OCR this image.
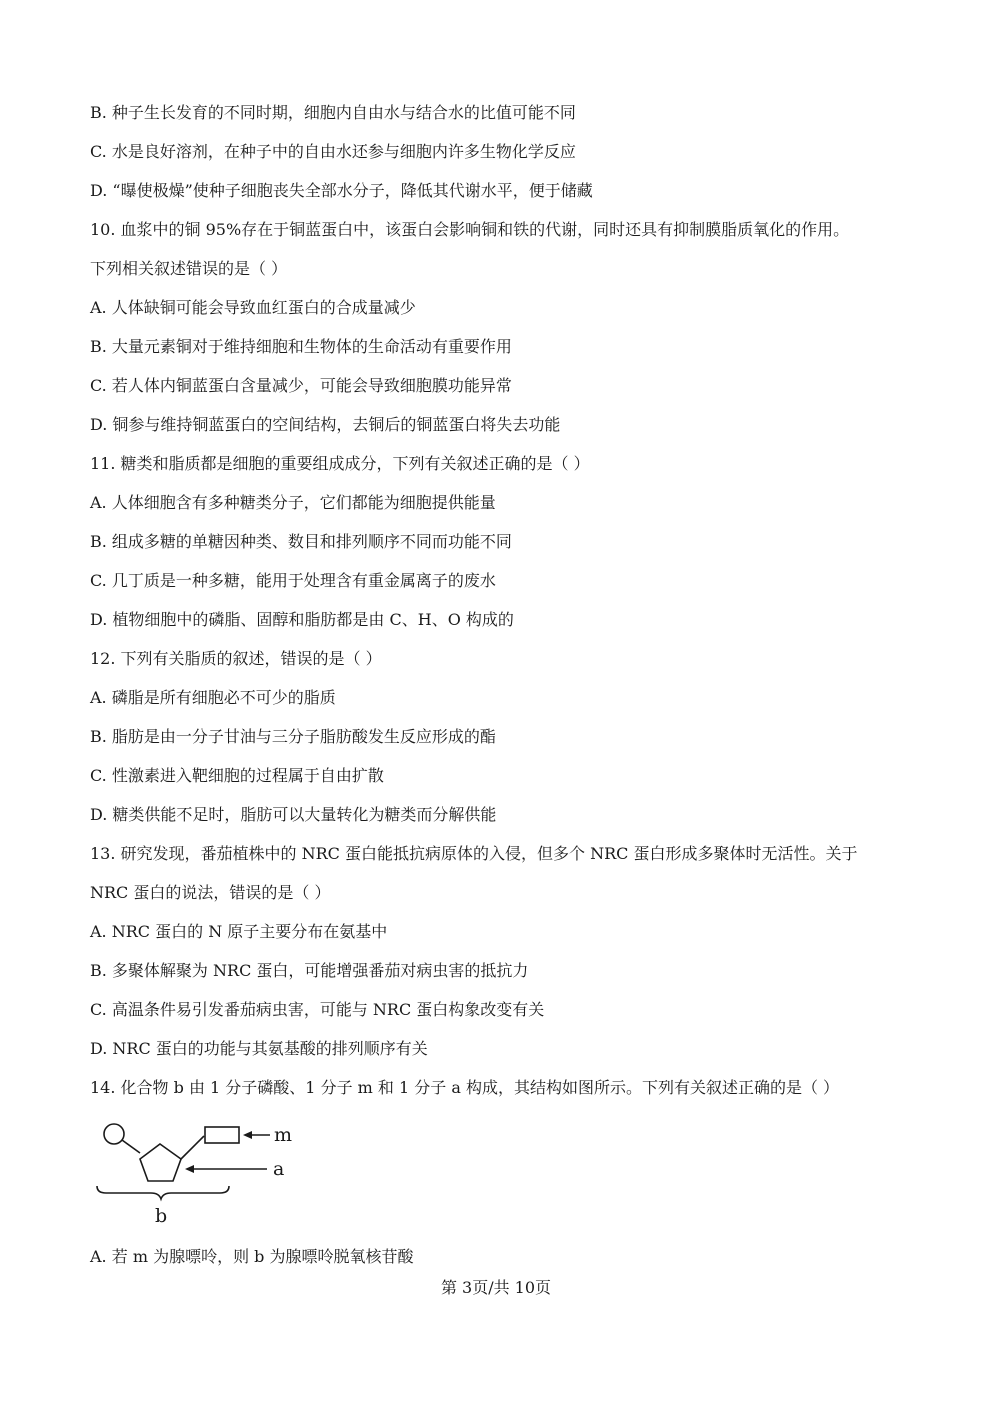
B. 种子生长发育的不同时期，细胞内自由水与结合水的比值可能不同
C. 水是良好溶剂，在种子中的自由水还参与细胞内许多生物化学反应
D. “曝使极燥”使种子细胞丧失全部水分子，降低其代谢水平，便于储藏
10. 血浆中的铜 95%存在于铜蓝蛋白中，该蛋白会影响铜和铁的代谢，同时还具有抑制膜脂质氧化的作用。
下列相关叙述错误的是（ ）
A. 人体缺铜可能会导致血红蛋白的合成量减少
B. 大量元素铜对于维持细胞和生物体的生命活动有重要作用
C. 若人体内铜蓝蛋白含量减少，可能会导致细胞膜功能异常
D. 铜参与维持铜蓝蛋白的空间结构，去铜后的铜蓝蛋白将失去功能
11. 糖类和脂质都是细胞的重要组成成分，下列有关叙述正确的是（ ）
A. 人体细胞含有多种糖类分子，它们都能为细胞提供能量
B. 组成多糖的单糖因种类、数目和排列顺序不同而功能不同
C. 几丁质是一种多糖，能用于处理含有重金属离子的废水
D. 植物细胞中的磷脂、固醇和脂肪都是由 C、H、O 构成的
12. 下列有关脂质的叙述，错误的是（ ）
A. 磷脂是所有细胞必不可少的脂质
B. 脂肪是由一分子甘油与三分子脂肪酸发生反应形成的酯
C. 性激素进入靶细胞的过程属于自由扩散
D. 糖类供能不足时，脂肪可以大量转化为糖类而分解供能
13. 研究发现，番茄植株中的 NRC 蛋白能抵抗病原体的入侵，但多个 NRC 蛋白形成多聚体时无活性。关于
NRC 蛋白的说法，错误的是（ ）
A. NRC 蛋白的 N 原子主要分布在氨基中
B. 多聚体解聚为 NRC 蛋白，可能增强番茄对病虫害的抵抗力
C. 高温条件易引发番茄病虫害，可能与 NRC 蛋白构象改变有关
D. NRC 蛋白的功能与其氨基酸的排列顺序有关
14. 化合物 b 由 1 分子磷酸、1 分子 m 和 1 分子 a 构成，其结构如图所示。下列有关叙述正确的是（ ）
m
a
b
A. 若 m 为腺嘌呤，则 b 为腺嘌呤脱氧核苷酸
第 3页/共 10页
